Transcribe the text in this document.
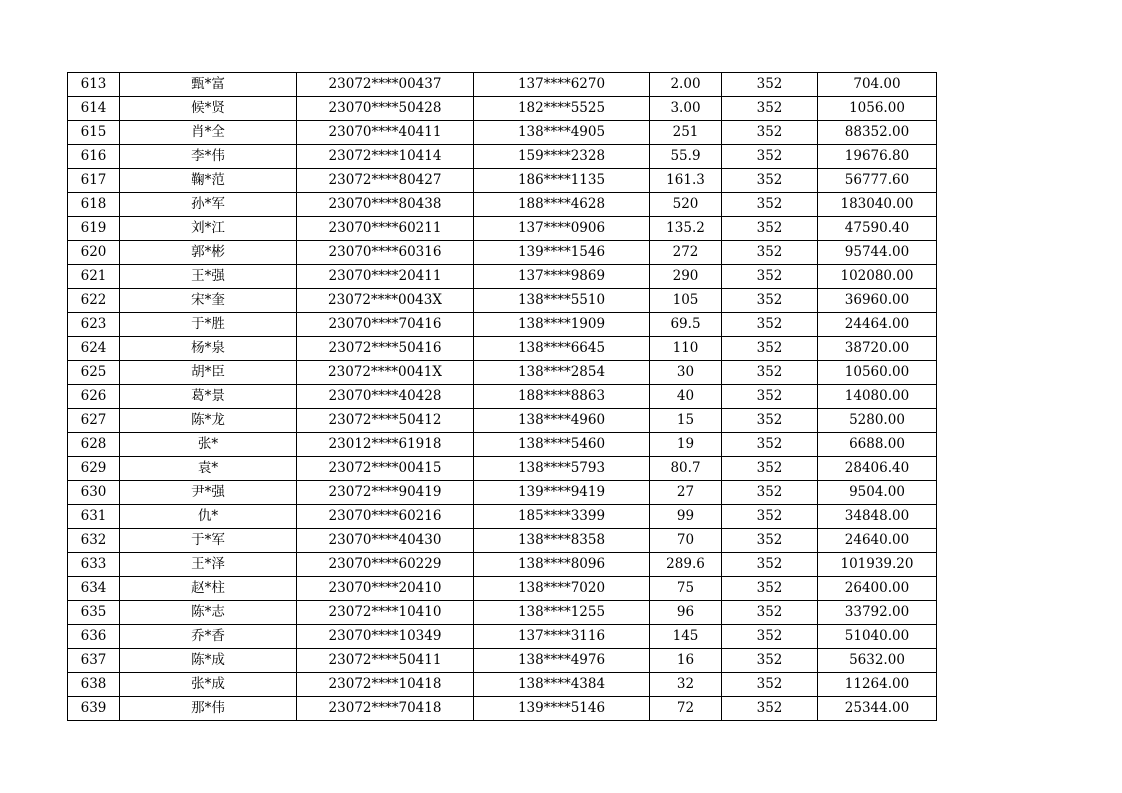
613	甄*富	23072****00437	137****6270	2.00	352	704.00
614	候*贤	23070****50428	182****5525	3.00	352	1056.00
615	肖*全	23070****40411	138****4905	251	352	88352.00
616	李*伟	23072****10414	159****2328	55.9	352	19676.80
617	鞠*范	23072****80427	186****1135	161.3	352	56777.60
618	孙*军	23070****80438	188****4628	520	352	183040.00
619	刘*江	23070****60211	137****0906	135.2	352	47590.40
620	郭*彬	23070****60316	139****1546	272	352	95744.00
621	王*强	23070****20411	137****9869	290	352	102080.00
622	宋*奎	23072****0043X	138****5510	105	352	36960.00
623	于*胜	23070****70416	138****1909	69.5	352	24464.00
624	杨*泉	23072****50416	138****6645	110	352	38720.00
625	胡*臣	23072****0041X	138****2854	30	352	10560.00
626	葛*景	23070****40428	188****8863	40	352	14080.00
627	陈*龙	23072****50412	138****4960	15	352	5280.00
628	张*	23012****61918	138****5460	19	352	6688.00
629	袁*	23072****00415	138****5793	80.7	352	28406.40
630	尹*强	23072****90419	139****9419	27	352	9504.00
631	仇*	23070****60216	185****3399	99	352	34848.00
632	于*军	23070****40430	138****8358	70	352	24640.00
633	王*泽	23070****60229	138****8096	289.6	352	101939.20
634	赵*柱	23070****20410	138****7020	75	352	26400.00
635	陈*志	23072****10410	138****1255	96	352	33792.00
636	乔*香	23070****10349	137****3116	145	352	51040.00
637	陈*成	23072****50411	138****4976	16	352	5632.00
638	张*成	23072****10418	138****4384	32	352	11264.00
639	那*伟	23072****70418	139****5146	72	352	25344.00
